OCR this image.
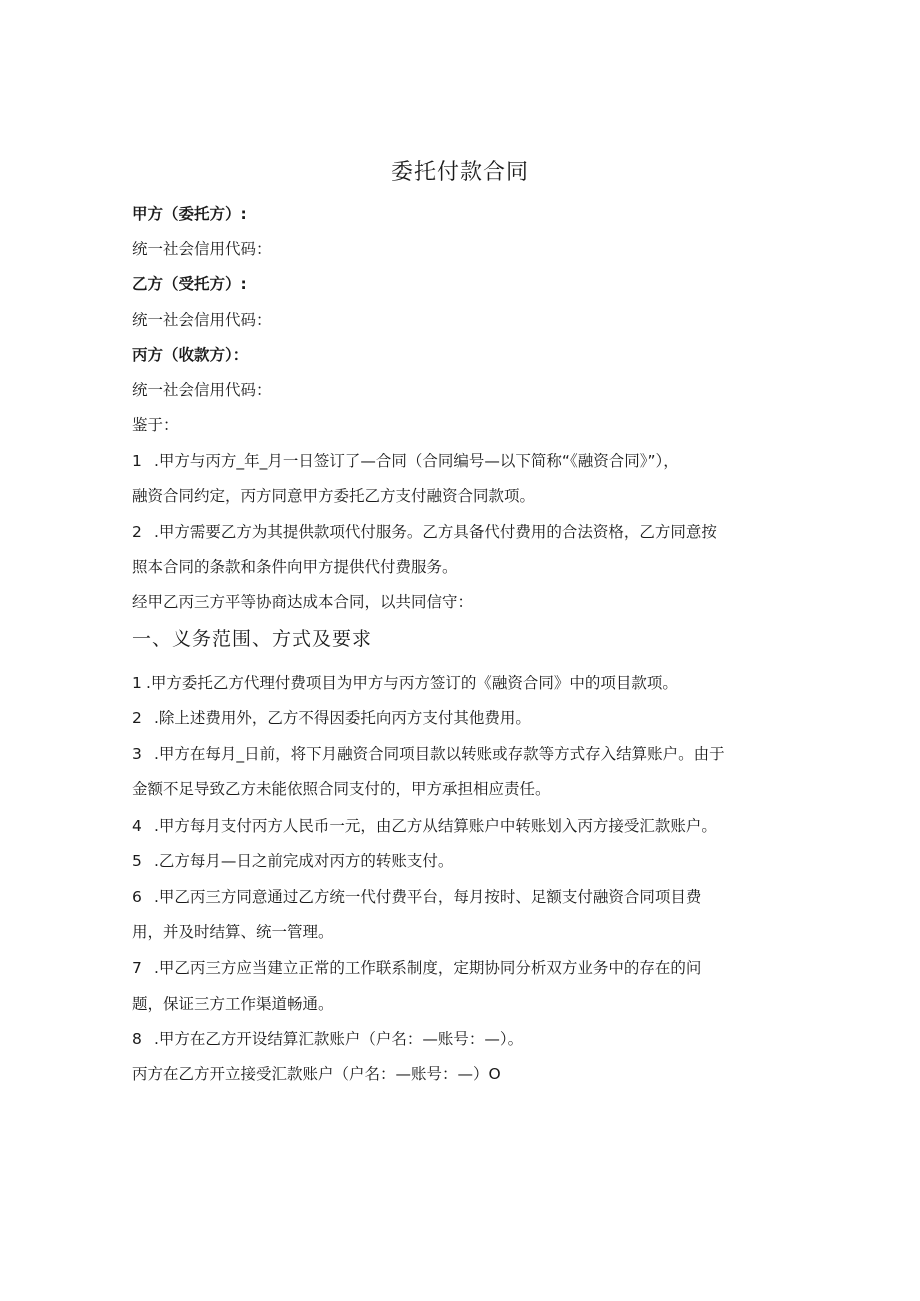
委托付款合同
甲方（委托方）:
统一社会信用代码：
乙方（受托方）:
统一社会信用代码：
丙方（收款方）：
统一社会信用代码：
鉴于：
1 .甲方与丙方_年_月一日签订了—合同（合同编号—以下简称“《融资合同》”），
融资合同约定，丙方同意甲方委托乙方支付融资合同款项。
2 .甲方需要乙方为其提供款项代付服务。乙方具备代付费用的合法资格，乙方同意按
照本合同的条款和条件向甲方提供代付费服务。
经甲乙丙三方平等协商达成本合同，以共同信守：
一、义务范围、方式及要求
1 .甲方委托乙方代理付费项目为甲方与丙方签订的《融资合同》中的项目款项。
2 .除上述费用外，乙方不得因委托向丙方支付其他费用。
3 .甲方在每月_日前，将下月融资合同项目款以转账或存款等方式存入结算账户。由于
金额不足导致乙方未能依照合同支付的，甲方承担相应责任。
4 .甲方每月支付丙方人民币一元，由乙方从结算账户中转账划入丙方接受汇款账户。
5 .乙方每月—日之前完成对丙方的转账支付。
6 .甲乙丙三方同意通过乙方统一代付费平台，每月按时、足额支付融资合同项目费
用，并及时结算、统一管理。
7 .甲乙丙三方应当建立正常的工作联系制度，定期协同分析双方业务中的存在的问
题，保证三方工作渠道畅通。
8 .甲方在乙方开设结算汇款账户（户名：—账号：—）。
丙方在乙方开立接受汇款账户（户名：—账号：—）O
